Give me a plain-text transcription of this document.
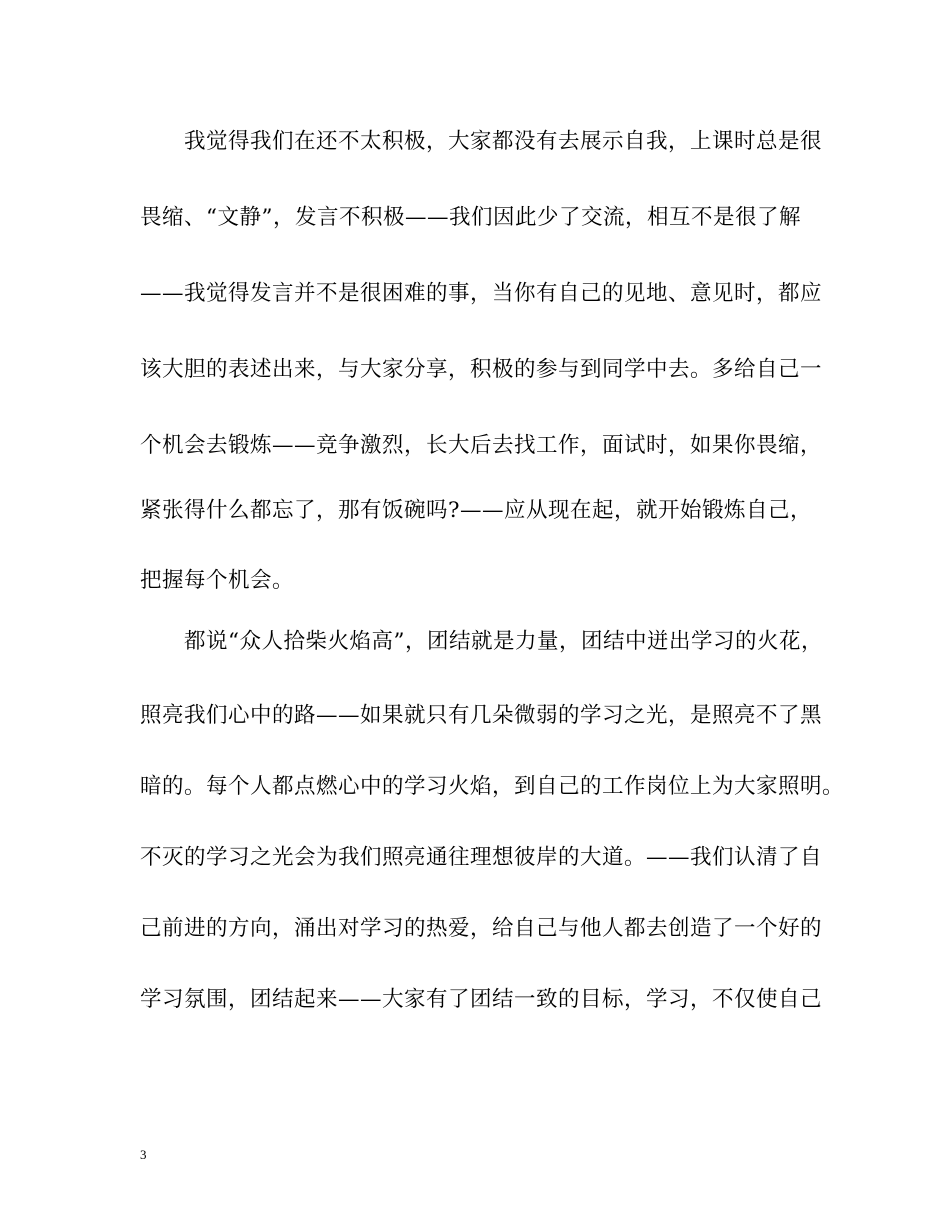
　　我觉得我们在还不太积极，大家都没有去展示自我，上课时总是很
畏缩、“文静”，发言不积极——我们因此少了交流，相互不是很了解
——我觉得发言并不是很困难的事，当你有自己的见地、意见时，都应
该大胆的表述出来，与大家分享，积极的参与到同学中去。多给自己一
个机会去锻炼——竞争激烈，长大后去找工作，面试时，如果你畏缩，
紧张得什么都忘了，那有饭碗吗?——应从现在起，就开始锻炼自己，
把握每个机会。
　　都说“众人拾柴火焰高”，团结就是力量，团结中迸出学习的火花，
照亮我们心中的路——如果就只有几朵微弱的学习之光，是照亮不了黑
暗的。每个人都点燃心中的学习火焰，到自己的工作岗位上为大家照明。
不灭的学习之光会为我们照亮通往理想彼岸的大道。——我们认清了自
己前进的方向，涌出对学习的热爱，给自己与他人都去创造了一个好的
学习氛围，团结起来——大家有了团结一致的目标，学习，不仅使自己
3
